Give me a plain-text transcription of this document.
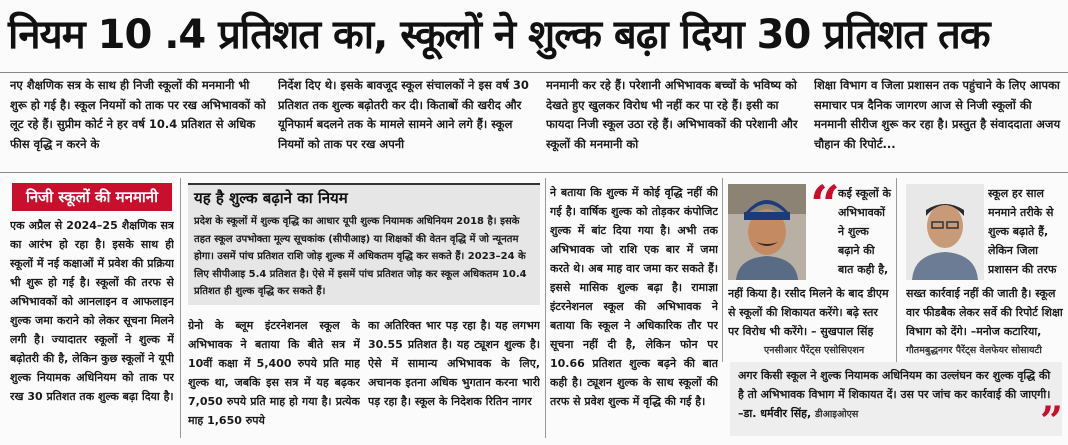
नियम 10 .4 प्रतिशत का, स्कूलों ने शुल्क बढ़ा दिया 30 प्रतिशत तक
नए शैक्षणिक सत्र के साथ ही निजी स्कूलों की मनमानी भी शुरू हो गई है। स्कूल नियमों को ताक पर रख अभिभावकों को लूट रहे हैं। सुप्रीम कोर्ट ने हर वर्ष 10.4 प्रतिशत से अधिक फीस वृद्धि न करने के
निर्देश दिए थे। इसके बावजूद स्कूल संचालकों ने इस वर्ष 30 प्रतिशत तक शुल्क बढ़ोतरी कर दी। किताबों की खरीद और यूनिफार्म बदलने तक के मामले सामने आने लगे हैं। स्कूल नियमों को ताक पर रख अपनी
मनमानी कर रहे हैं। परेशानी अभिभावक बच्चों के भविष्य को देखते हुए खुलकर विरोध भी नहीं कर पा रहे हैं। इसी का फायदा निजी स्कूल उठा रहे हैं। अभिभावकों की परेशानी और स्कूलों की मनमानी को
शिक्षा विभाग व जिला प्रशासन तक पहुंचाने के लिए आपका समाचार पत्र दैनिक जागरण आज से निजी स्कूलों की मनमानी सीरीज शुरू कर रहा है। प्रस्तुत है संवाददाता अजय चौहान की रिपोर्ट...
निजी स्कूलों की मनमानी
एक अप्रैल से 2024–25 शैक्षणिक सत्र का आरंभ हो रहा है। इसके साथ ही स्कूलों में नई कक्षाओं में प्रवेश की प्रक्रिया भी शुरू हो गई है। स्कूलों की तरफ से अभिभावकों को आनलाइन व आफलाइन शुल्क जमा कराने को लेकर सूचना मिलने लगी है। ज्यादातर स्कूलों ने शुल्क में बढ़ोतरी की है, लेकिन कुछ स्कूलों ने यूपी शुल्क नियामक अधिनियम को ताक पर रख 30 प्रतिशत तक शुल्क बढ़ा दिया है।
यह है शुल्क बढ़ाने का नियम
प्रदेश के स्कूलों में शुल्क वृद्धि का आधार यूपी शुल्क नियामक अधिनियम 2018 है। इसके तहत स्कूल उपभोक्ता मूल्य सूचकांक (सीपीआइ) या शिक्षकों की वेतन वृद्धि में जो न्यूनतम होगा। उसमें पांच प्रतिशत राशि जोड़ शुल्क में अधिकतम वृद्धि कर सकते हैं। 2023–24 के लिए सीपीआइ 5.4 प्रतिशत है। ऐसे में इसमें पांच प्रतिशत जोड़ कर स्कूल अधिकतम 10.4 प्रतिशत ही शुल्क वृद्धि कर सकते हैं।
ग्रेनो के ब्लूम इंटरनेशनल स्कूल के अभिभावक ने बताया कि बीते सत्र में 10वीं कक्षा में 5,400 रुपये प्रति माह शुल्क था, जबकि इस सत्र में यह बढ़कर 7,050 रुपये प्रति माह हो गया है। प्रत्येक माह 1,650 रुपये
का अतिरिक्त भार पड़ रहा है। यह लगभग 30.55 प्रतिशत है। यह ट्यूशन शुल्क है। ऐसे में सामान्य अभिभावक के लिए, अचानक इतना अधिक भुगतान करना भारी पड़ रहा है। स्कूल के निदेशक रितिन नागर
ने बताया कि शुल्क में कोई वृद्धि नहीं की गई है। वार्षिक शुल्क को तोड़कर कंपोजिट शुल्क में बांट दिया गया है। अभी तक अभिभावक जो राशि एक बार में जमा करते थे। अब माह वार जमा कर सकते हैं। इससे मासिक शुल्क बढ़ा है। रामाज्ञा इंटरनेशनल स्कूल की अभिभावक ने बताया कि स्कूल ने अधिकारिक तौर पर सूचना नहीं दी है, लेकिन फोन पर 10.66 प्रतिशत शुल्क बढ़ने की बात कही है। ट्यूशन शुल्क के साथ स्कूलों की तरफ से प्रवेश शुल्क में वृद्धि की गई है।
“
कई स्कूलों के अभिभावकों ने शुल्क बढ़ाने की बात कही है,
नहीं किया है। रसीद मिलने के बाद डीएम से स्कूलों की शिकायत करेंगे। बढ़े स्तर पर विरोध भी करेंगे। – सुखपाल सिंह
एनसीआर पैरेंट्स एसोसिएशन
स्कूल हर साल मनमाने तरीके से शुल्क बढ़ाते हैं, लेकिन जिला प्रशासन की तरफ
सख्त कार्रवाई नहीं की जाती है। स्कूल वार फीडबैक लेकर सर्वे की रिपोर्ट शिक्षा विभाग को देंगे। –मनोज कटारिया,
गौतमबुद्धनगर पैरेंट्स वेलफेयर सोसायटी
अगर किसी स्कूल ने शुल्क नियामक अधिनियम का उल्लंघन कर शुल्क वृद्धि की है तो अभिभावक विभाग में शिकायत दें। उस पर जांच कर कार्रवाई की जाएगी।
–डा. धर्मवीर सिंह, डीआइओएस	”
